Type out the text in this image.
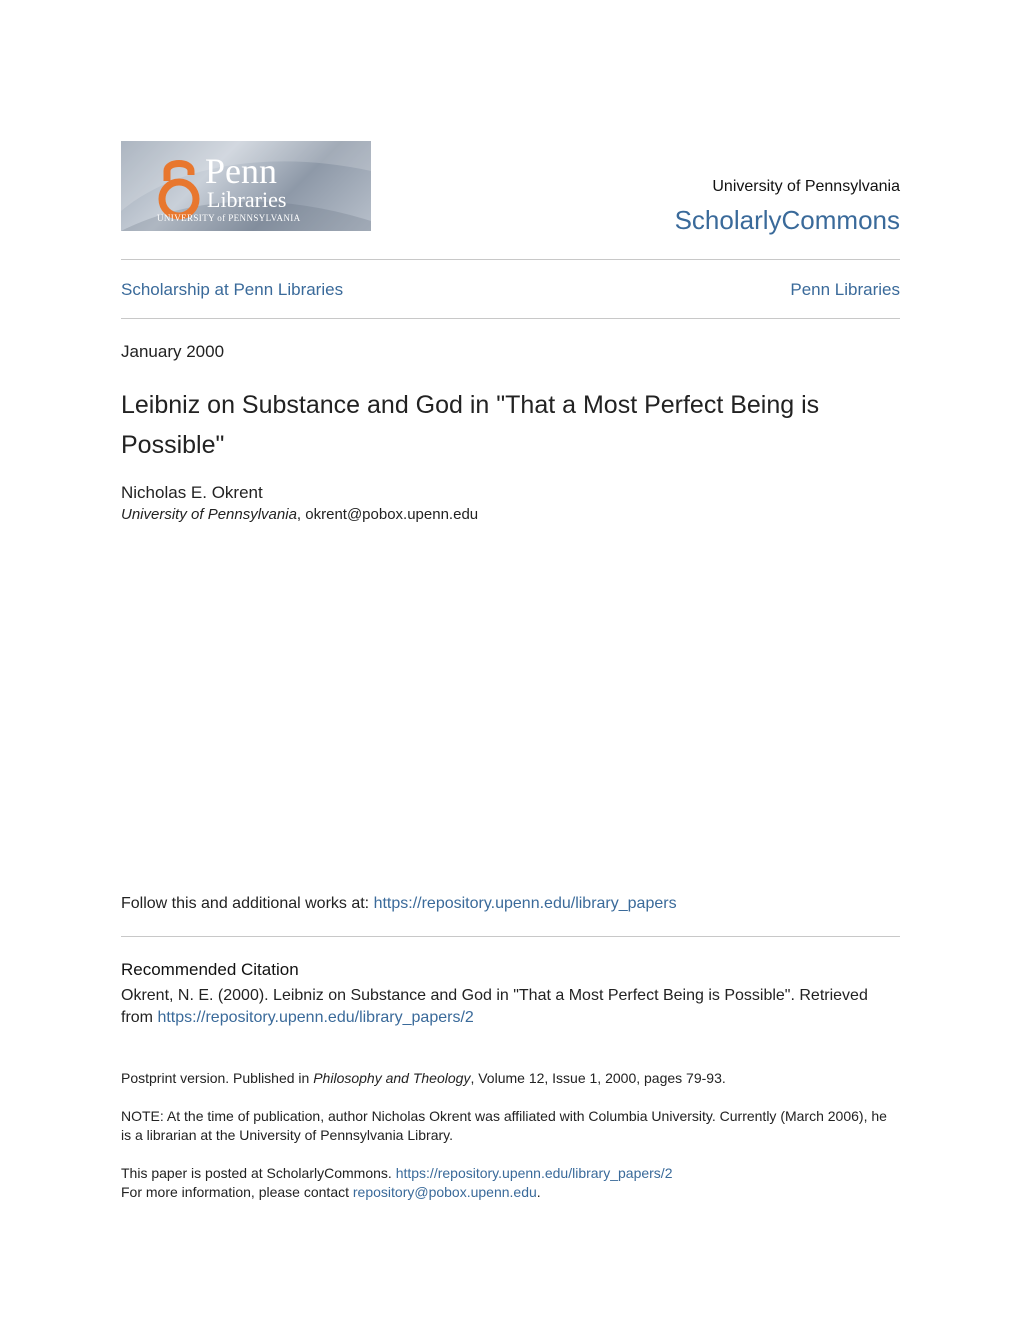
Penn
Libraries
UNIVERSITY of PENNSYLVANIA
University of Pennsylvania
ScholarlyCommons
Scholarship at Penn Libraries	Penn Libraries
January 2000
Leibniz on Substance and God in "That a Most Perfect Being is Possible"
Nicholas E. Okrent
University of Pennsylvania, okrent@pobox.upenn.edu
Follow this and additional works at: https://repository.upenn.edu/library_papers
Recommended Citation
Okrent, N. E. (2000). Leibniz on Substance and God in "That a Most Perfect Being is Possible". Retrieved from https://repository.upenn.edu/library_papers/2
Postprint version. Published in Philosophy and Theology, Volume 12, Issue 1, 2000, pages 79-93.
NOTE: At the time of publication, author Nicholas Okrent was affiliated with Columbia University. Currently (March 2006), he is a librarian at the University of Pennsylvania Library.
This paper is posted at ScholarlyCommons. https://repository.upenn.edu/library_papers/2
For more information, please contact repository@pobox.upenn.edu.
